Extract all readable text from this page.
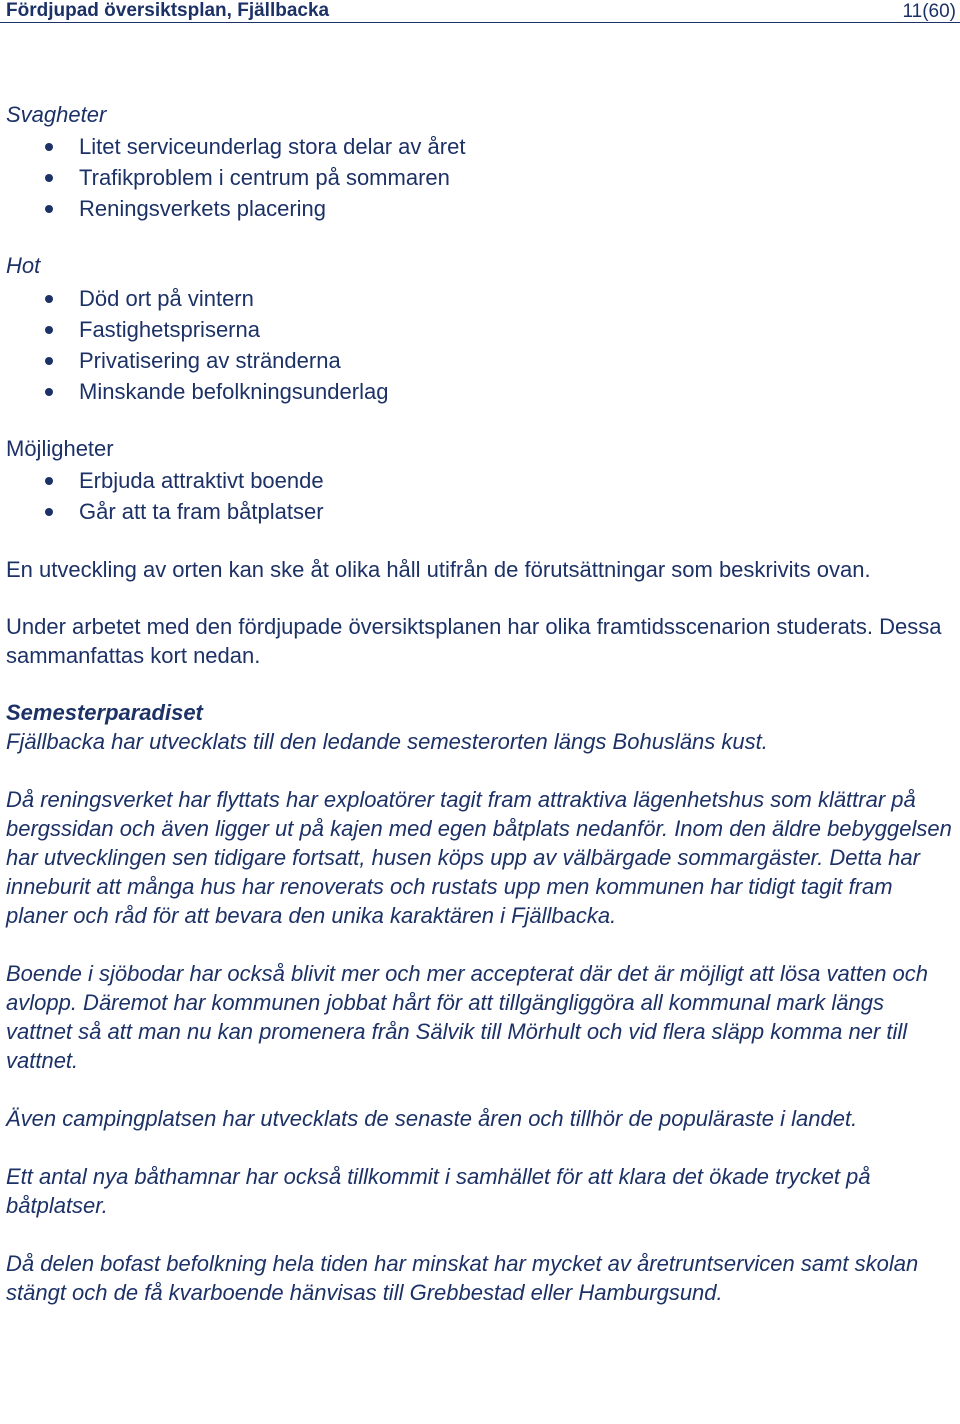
Fördjupad översiktsplan, Fjällbacka	11(60)
Svagheter
Litet serviceunderlag stora delar av året
Trafikproblem i centrum på sommaren
Reningsverkets placering
Hot
Död ort på vintern
Fastighetspriserna
Privatisering av stränderna
Minskande befolkningsunderlag
Möjligheter
Erbjuda attraktivt boende
Går att ta fram båtplatser

En utveckling av orten kan ske åt olika håll utifrån de förutsättningar som beskrivits ovan.

Under arbetet med den fördjupade översiktsplanen har olika framtidsscenarion studerats. Dessa sammanfattas kort nedan.

Semesterparadiset

Fjällbacka har utvecklats till den ledande semesterorten längs Bohusläns kust.

Då reningsverket har flyttats har exploatörer tagit fram attraktiva lägenhetshus som klättrar på bergssidan och även ligger ut på kajen med egen båtplats nedanför. Inom den äldre bebyggelsen har utvecklingen sen tidigare fortsatt, husen köps upp av välbärgade sommargäster. Detta har inneburit att många hus har renoverats och rustats upp men kommunen har tidigt tagit fram planer och råd för att bevara den unika karaktären i Fjällbacka.

Boende i sjöbodar har också blivit mer och mer accepterat där det är möjligt att lösa vatten och avlopp. Däremot har kommunen jobbat hårt för att tillgängliggöra all kommunal mark längs vattnet så att man nu kan promenera från Sälvik till Mörhult och vid flera släpp komma ner till vattnet.

Även campingplatsen har utvecklats de senaste åren och tillhör de populäraste i landet.

Ett antal nya båthamnar har också tillkommit i samhället för att klara det ökade trycket på båtplatser.

Då delen bofast befolkning hela tiden har minskat har mycket av åretruntservicen samt skolan stängt och de få kvarboende hänvisas till Grebbestad eller Hamburgsund.
